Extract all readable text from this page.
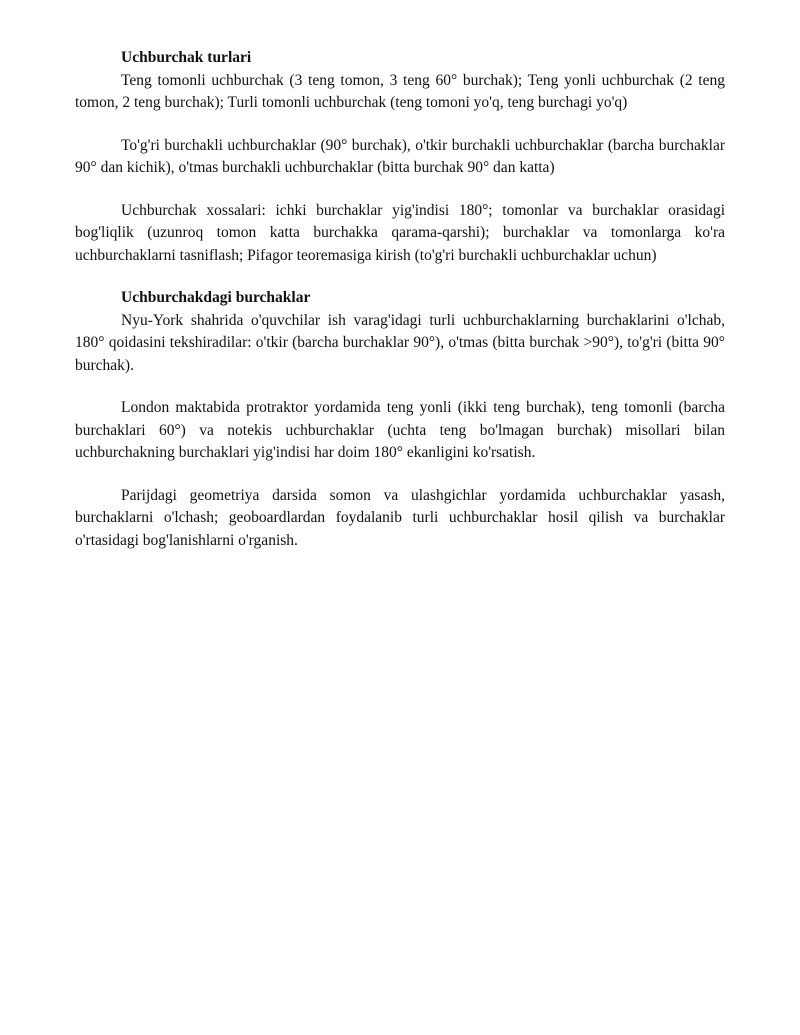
Uchburchak turlari

Teng tomonli uchburchak (3 teng tomon, 3 teng 60° burchak); Teng yonli uchburchak (2 teng tomon, 2 teng burchak); Turli tomonli uchburchak (teng tomoni yo'q, teng burchagi yo'q)

To'g'ri burchakli uchburchaklar (90° burchak), o'tkir burchakli uchburchaklar (barcha burchaklar 90° dan kichik), o'tmas burchakli uchburchaklar (bitta burchak 90° dan katta)

Uchburchak xossalari: ichki burchaklar yig'indisi 180°; tomonlar va burchaklar orasidagi bog'liqlik (uzunroq tomon katta burchakka qarama-qarshi); burchaklar va tomonlarga ko'ra uchburchaklarni tasniflash; Pifagor teoremasiga kirish (to'g'ri burchakli uchburchaklar uchun)

Uchburchakdagi burchaklar

Nyu-York shahrida o'quvchilar ish varag'idagi turli uchburchaklarning burchaklarini o'lchab, 180° qoidasini tekshiradilar: o'tkir (barcha burchaklar 90°), o'tmas (bitta burchak >90°), to'g'ri (bitta 90° burchak).

London maktabida protraktor yordamida teng yonli (ikki teng burchak), teng tomonli (barcha burchaklari 60°) va notekis uchburchaklar (uchta teng bo'lmagan burchak) misollari bilan uchburchakning burchaklari yig'indisi har doim 180° ekanligini ko'rsatish.

Parijdagi geometriya darsida somon va ulashgichlar yordamida uchburchaklar yasash, burchaklarni o'lchash; geoboardlardan foydalanib turli uchburchaklar hosil qilish va burchaklar o'rtasidagi bog'lanishlarni o'rganish.
